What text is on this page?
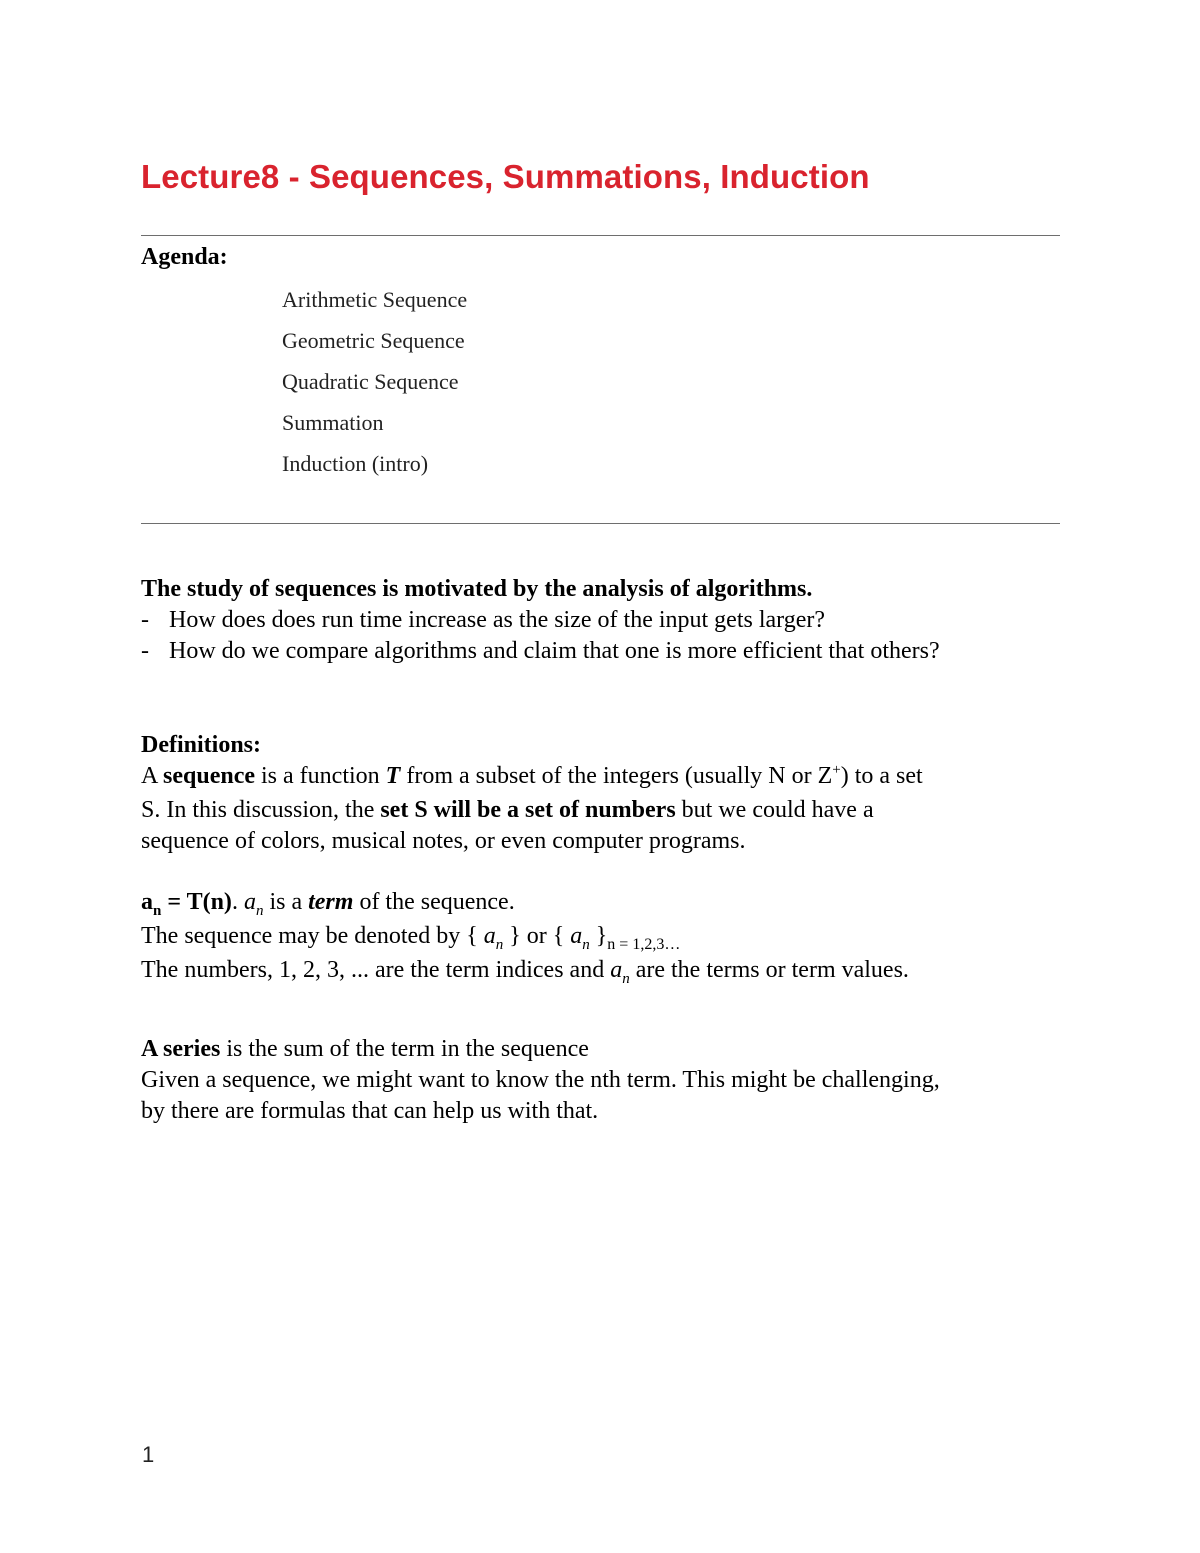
Lecture8 - Sequences, Summations, Induction
Agenda:
Arithmetic Sequence
Geometric Sequence
Quadratic Sequence
Summation
Induction (intro)
The study of sequences is motivated by the analysis of algorithms.
- How does does run time increase as the size of the input gets larger?
- How do we compare algorithms and claim that one is more efficient that others?
Definitions:
A sequence is a function T from a subset of the integers (usually N or Z+) to a set
S. In this discussion, the set S will be a set of numbers but we could have a
sequence of colors, musical notes, or even computer programs.
$a_n = T(n)$. $a_n$ is a term of the sequence.
The sequence may be denoted by { $a_n$ } or { $a_n$ }$_{n = 1,2,3\dots}$
The numbers, 1, 2, 3, ... are the term indices and $a_n$ are the terms or term values.
A series is the sum of the term in the sequence
Given a sequence, we might want to know the nth term. This might be challenging,
by there are formulas that can help us with that.
1
